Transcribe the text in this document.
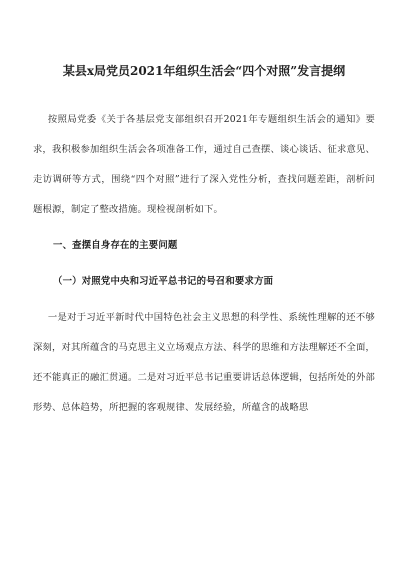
某县x局党员2021年组织生活会“四个对照”发言提纲

按照局党委《关于各基层党支部组织召开2021年专题组织生活会的通知》要求，我积极参加组织生活会各项准备工作，通过自己查摆、谈心谈话、征求意见、走访调研等方式，围绕“四个对照”进行了深入党性分析，查找问题差距，剖析问题根源，制定了整改措施。现检视剖析如下。

一、查摆自身存在的主要问题
（一）对照党中央和习近平总书记的号召和要求方面

一是对于习近平新时代中国特色社会主义思想的科学性、系统性理解的还不够深刻，对其所蕴含的马克思主义立场观点方法、科学的思维和方法理解还不全面，还不能真正的融汇贯通。二是对习近平总书记重要讲话总体逻辑，包括所处的外部形势、总体趋势，所把握的客观规律、发展经验，所蕴含的战略思
